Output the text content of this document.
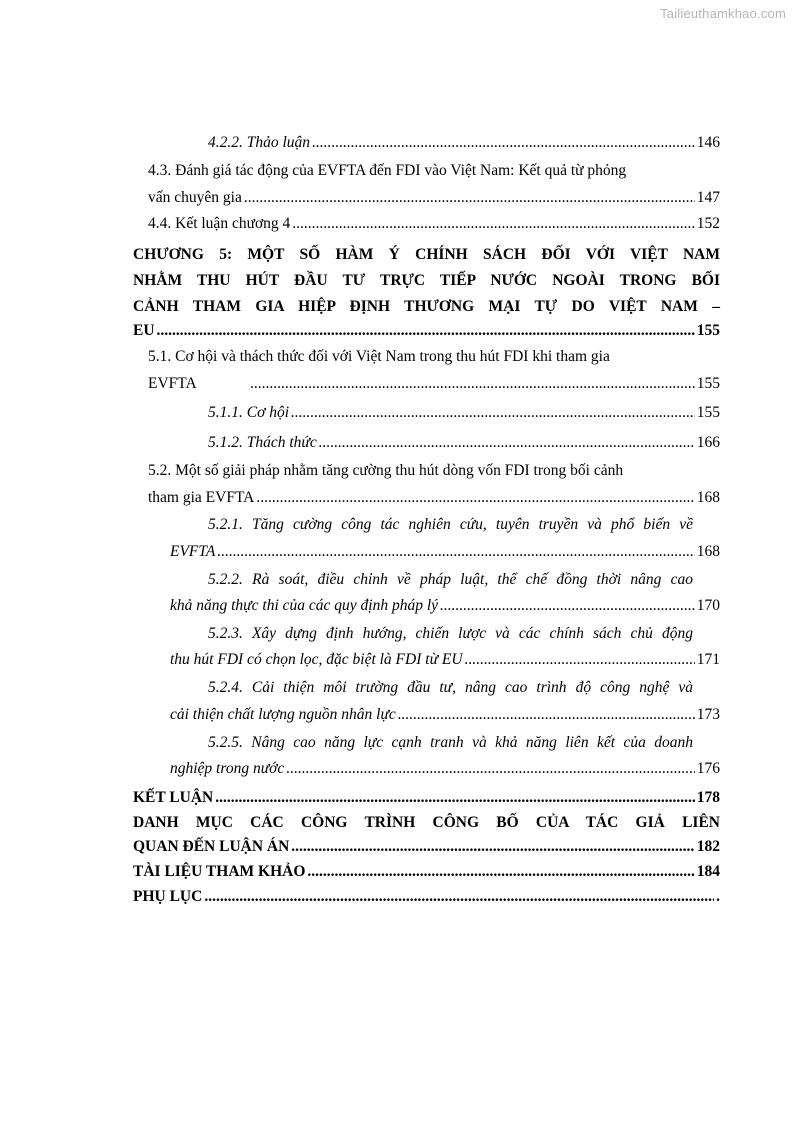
Tailieuthamkhao.com
4.2.2. Thảo luận .....	146
4.3. Đánh giá tác động của EVFTA đến FDI vào Việt Nam: Kết quả từ phỏng
vấn chuyên gia .....	147
4.4. Kết luận chương 4 .....	152
CHƯƠNG 5: MỘT SỐ HÀM Ý CHÍNH SÁCH ĐỐI VỚI VIỆT NAM
NHẰM THU HÚT ĐẦU TƯ TRỰC TIẾP NƯỚC NGOÀI TRONG BỐI
CẢNH THAM GIA HIỆP ĐỊNH THƯƠNG MẠI TỰ DO VIỆT NAM –
EU .....	155
5.1. Cơ hội và thách thức đối với Việt Nam trong thu hút FDI khi tham gia
EVFTA .....	155
5.1.1. Cơ hội .....	155
5.1.2. Thách thức .....	166
5.2. Một số giải pháp nhằm tăng cường thu hút dòng vốn FDI trong bối cảnh
tham gia EVFTA .....	168
5.2.1. Tăng cường công tác nghiên cứu, tuyên truyền và phổ biến về
EVFTA .....	168
5.2.2. Rà soát, điều chỉnh về pháp luật, thể chế đồng thời nâng cao
khả năng thực thi của các quy định pháp lý .....	170
5.2.3. Xây dựng định hướng, chiến lược và các chính sách chủ động
thu hút FDI có chọn lọc, đặc biệt là FDI từ EU .....	171
5.2.4. Cải thiện môi trường đầu tư, nâng cao trình độ công nghệ và
cải thiện chất lượng nguồn nhân lực .....	173
5.2.5. Nâng cao năng lực cạnh tranh và khả năng liên kết của doanh
nghiệp trong nước .....	176
KẾT LUẬN .....	178
DANH MỤC CÁC CÔNG TRÌNH CÔNG BỐ CỦA TÁC GIẢ LIÊN
QUAN ĐẾN LUẬN ÁN .....	182
TÀI LIỆU THAM KHẢO .....	184
PHỤ LỤC .....	.
